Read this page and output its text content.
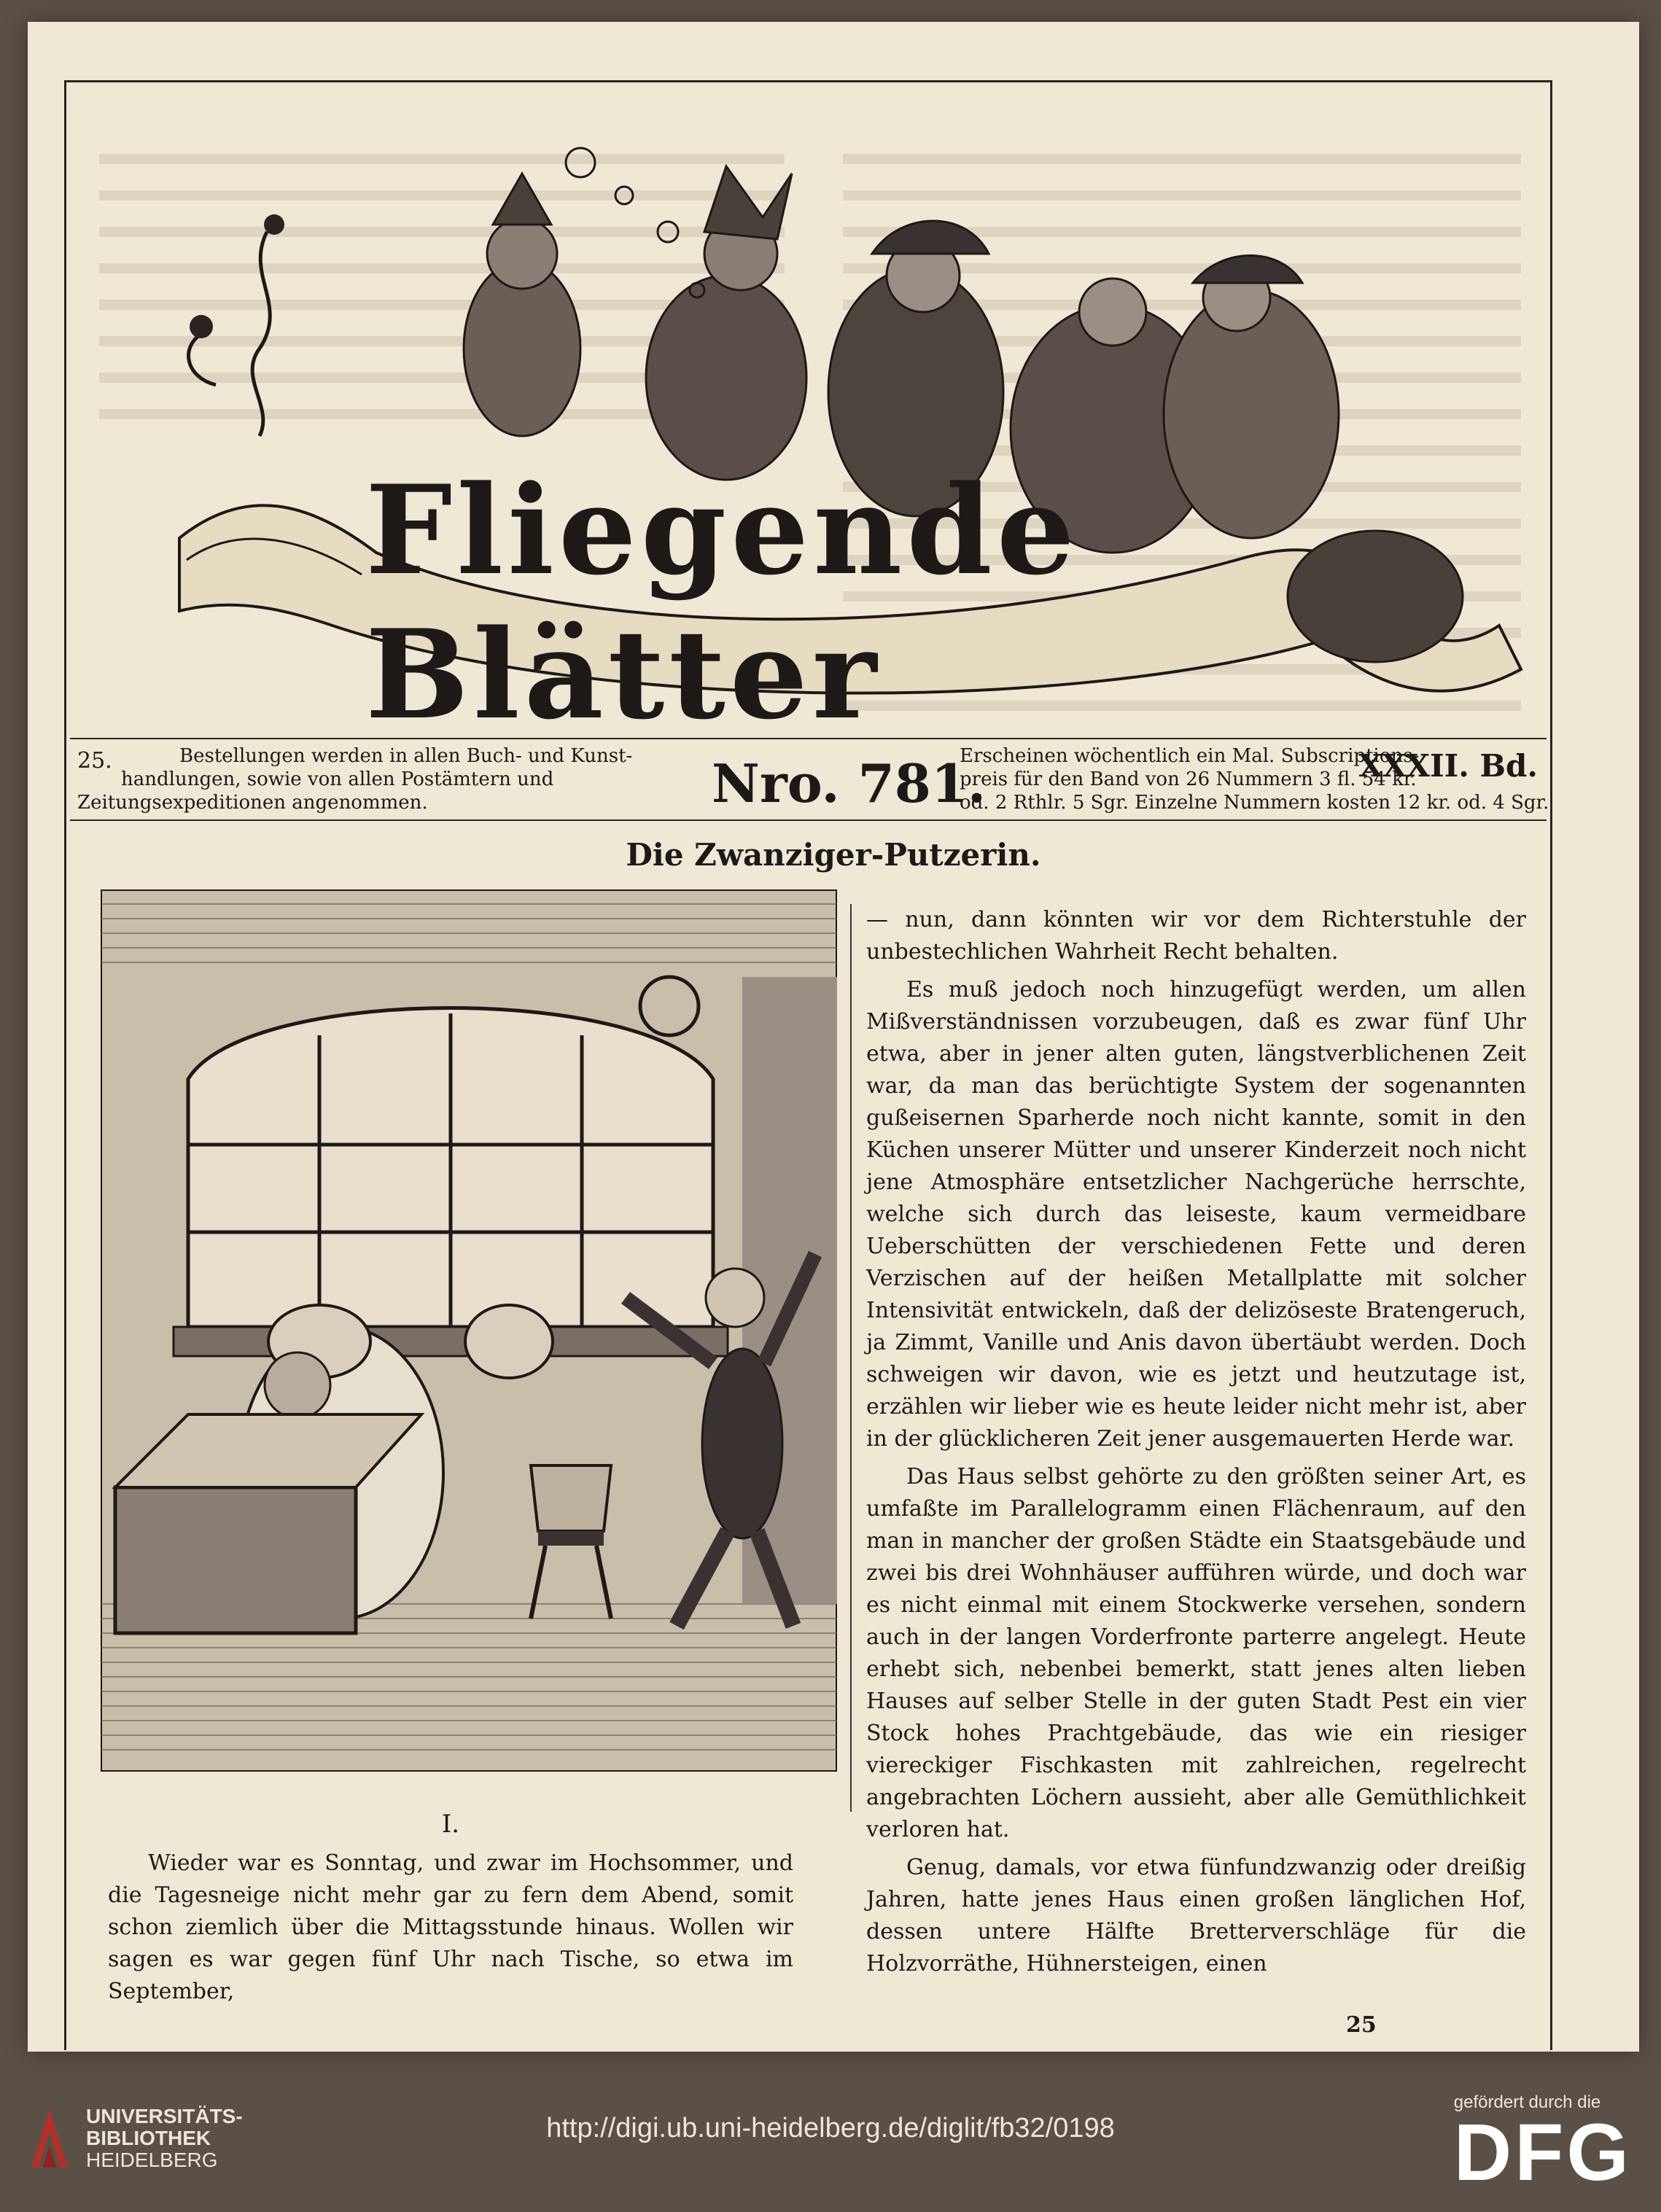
Fliegende Blätter
25.	Bestellungen werden in allen Buch- und Kunst-
handlungen, sowie von allen Postämtern und
Zeitungsexpeditionen angenommen.	Nro. 781.
Erscheinen wöchentlich ein Mal. Subscriptions-
preis für den Band von 26 Nummern 3 fl. 54 kr.
od. 2 Rthlr. 5 Sgr. Einzelne Nummern kosten 12 kr. od. 4 Sgr.
XXXII. Bd.
Die Zwanziger-Putzerin.

— nun, dann könnten wir vor dem Richterstuhle der unbestechlichen Wahrheit Recht behalten.

Es muß jedoch noch hinzugefügt werden, um allen Mißverständnissen vorzubeugen, daß es zwar fünf Uhr etwa, aber in jener alten guten, längstverblichenen Zeit war, da man das berüchtigte System der sogenannten gußeisernen Sparherde noch nicht kannte, somit in den Küchen unserer Mütter und unserer Kinderzeit noch nicht jene Atmosphäre entsetzlicher Nachgerüche herrschte, welche sich durch das leiseste, kaum vermeidbare Ueberschütten der verschiedenen Fette und deren Verzischen auf der heißen Metallplatte mit solcher Intensivität entwickeln, daß der delizöseste Bratengeruch, ja Zimmt, Vanille und Anis davon übertäubt werden. Doch schweigen wir davon, wie es jetzt und heutzutage ist, erzählen wir lieber wie es heute leider nicht mehr ist, aber in der glücklicheren Zeit jener ausgemauerten Herde war.

Das Haus selbst gehörte zu den größten seiner Art, es umfaßte im Parallelogramm einen Flächenraum, auf den man in mancher der großen Städte ein Staatsgebäude und zwei bis drei Wohnhäuser aufführen würde, und doch war es nicht einmal mit einem Stockwerke versehen, sondern auch in der langen Vorderfronte parterre angelegt. Heute erhebt sich, nebenbei bemerkt, statt jenes alten lieben Hauses auf selber Stelle in der guten Stadt Pest ein vier Stock hohes Prachtgebäude, das wie ein riesiger viereckiger Fischkasten mit zahlreichen, regelrecht angebrachten Löchern aussieht, aber alle Gemüthlichkeit verloren hat.

Genug, damals, vor etwa fünfundzwanzig oder dreißig Jahren, hatte jenes Haus einen großen länglichen Hof, dessen untere Hälfte Bretterverschläge für die Holzvorräthe, Hühnersteigen, einen

I.

Wieder war es Sonntag, und zwar im Hochsommer, und die Tagesneige nicht mehr gar zu fern dem Abend, somit schon ziemlich über die Mittagsstunde hinaus. Wollen wir sagen es war gegen fünf Uhr nach Tische, so etwa im September,

25
UNIVERSITÄTS-
BIBLIOTHEK
HEIDELBERG
http://digi.ub.uni-heidelberg.de/diglit/fb32/0198
gefördert durch die
DFG
